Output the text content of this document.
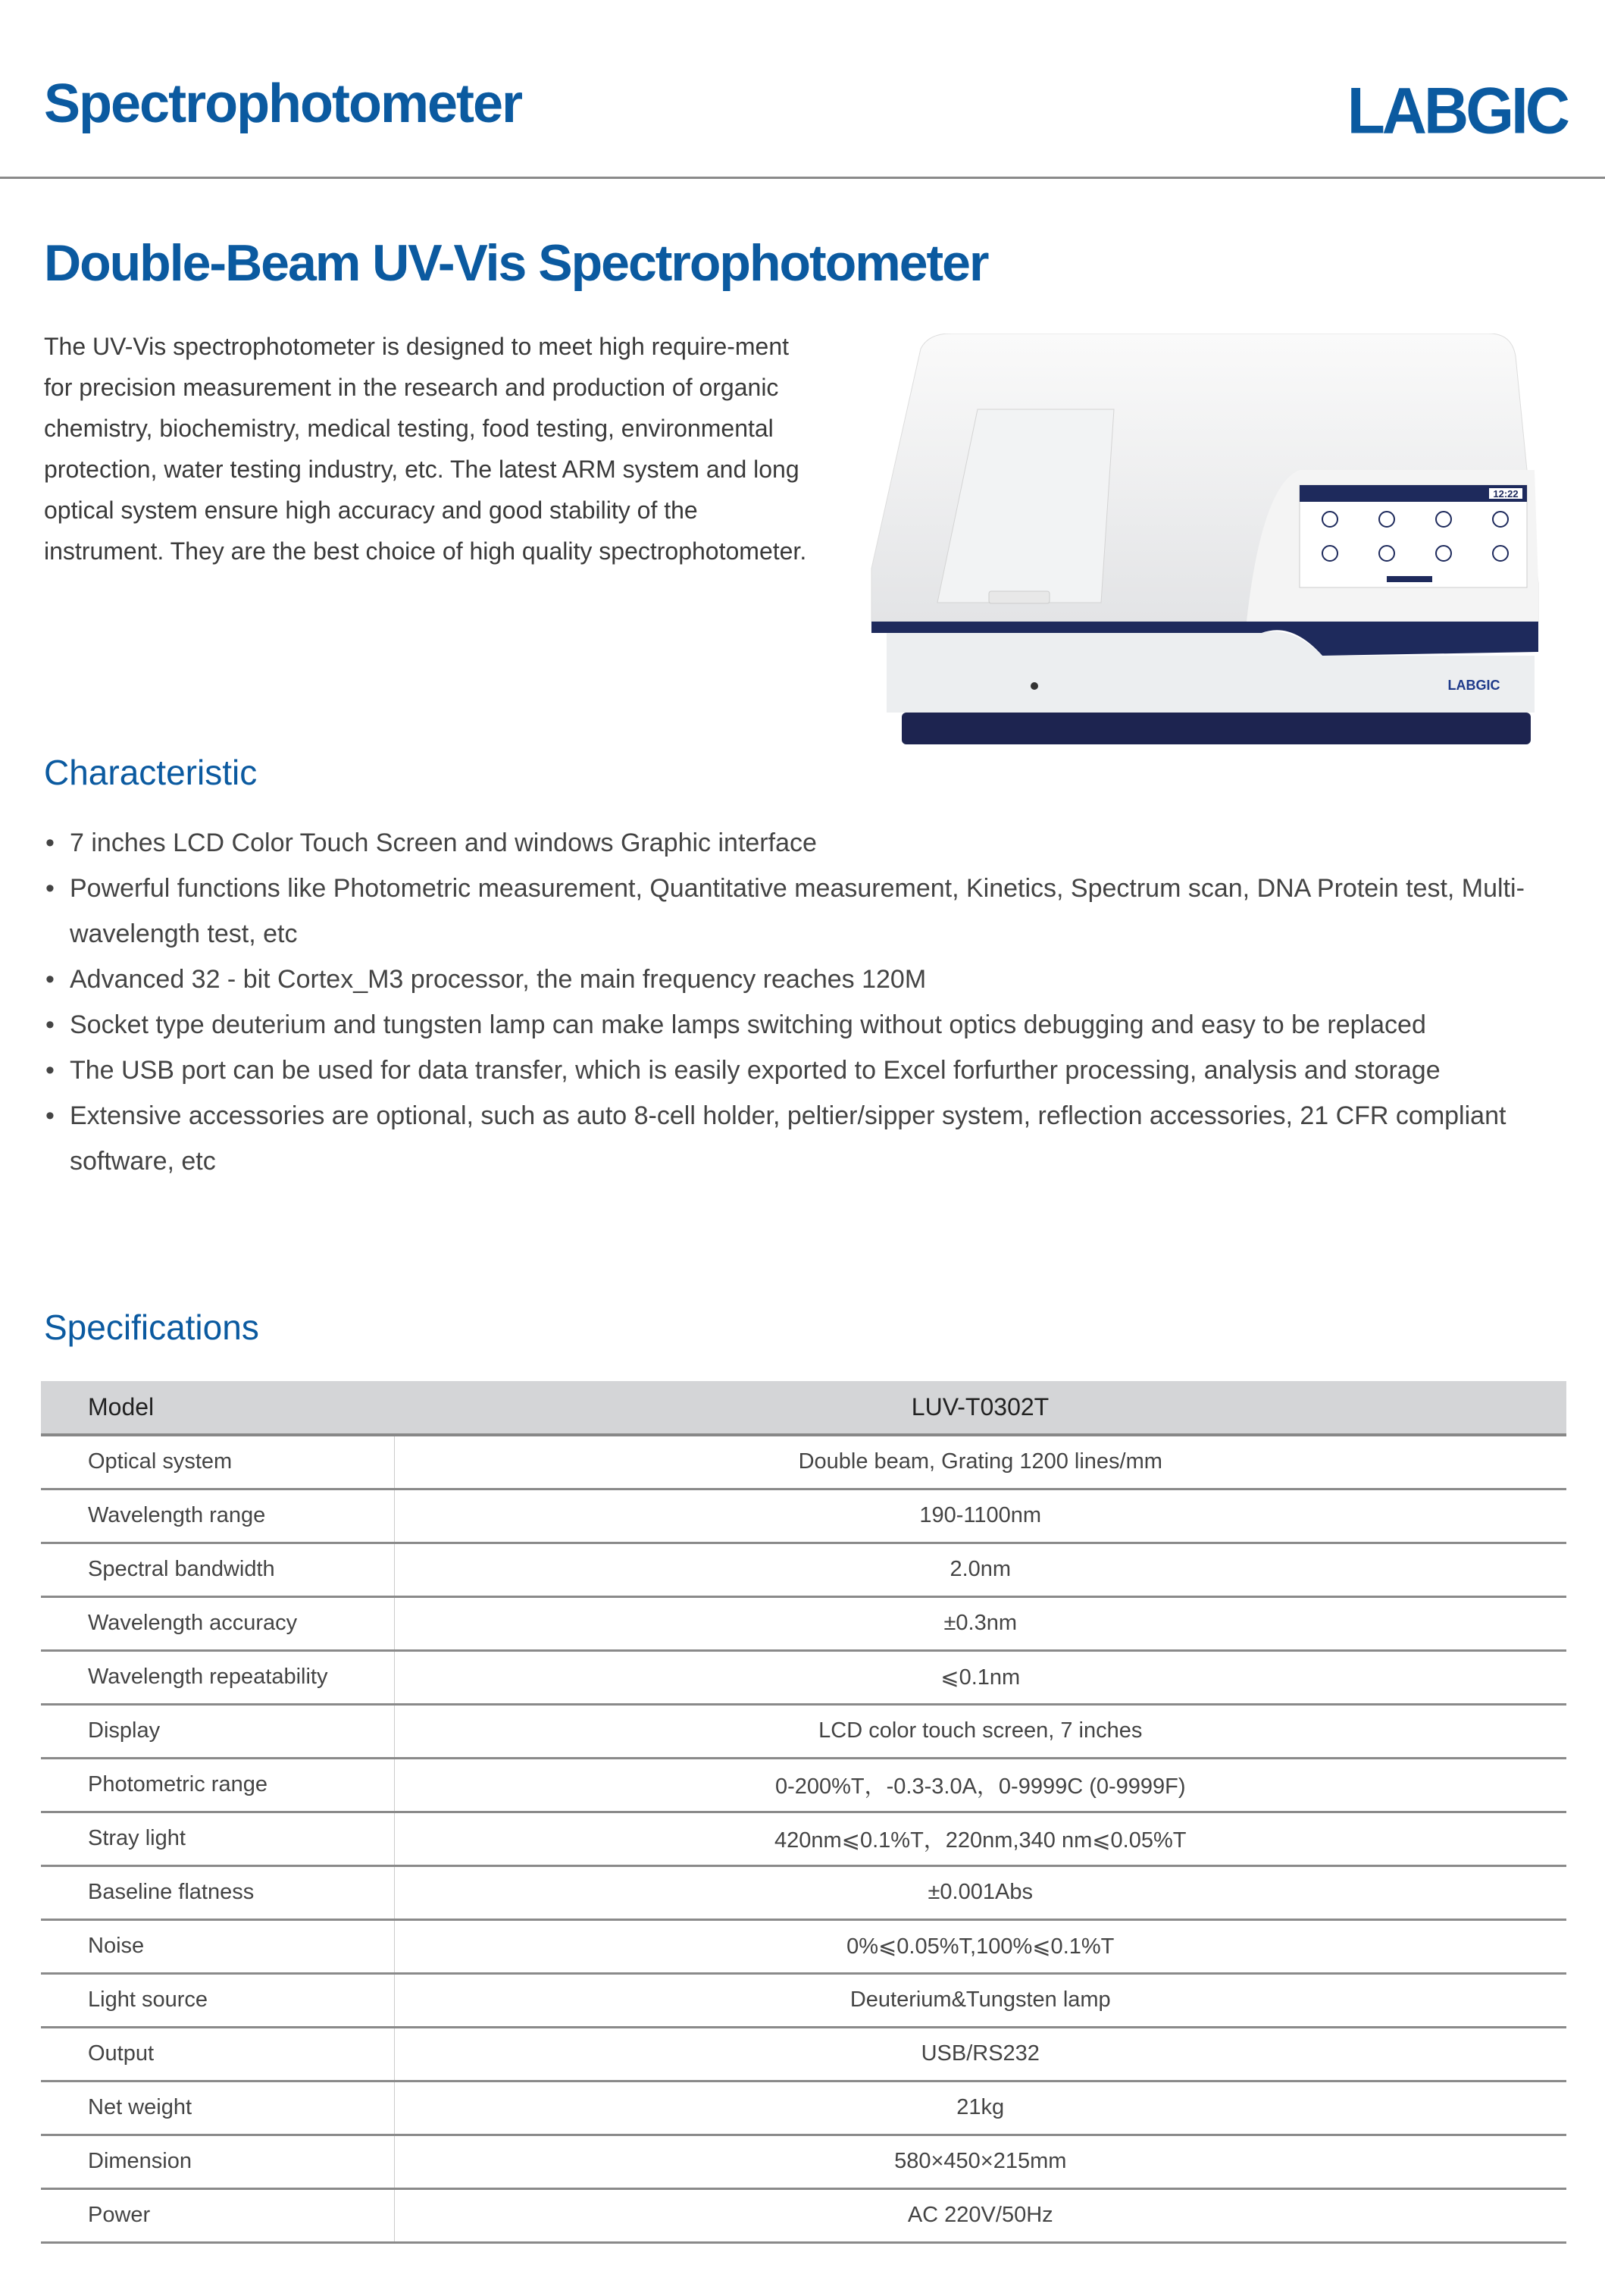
Spectrophotometer	LABGIC
Double-Beam UV-Vis Spectrophotometer

The UV-Vis spectrophotometer is designed to meet high require-ment for precision measurement in the research and production of organic chemistry, biochemistry, medical testing, food testing, environmental protection, water testing industry, etc. The latest ARM system and long optical system ensure high accuracy and good stability of the instrument. They are the best choice of high quality spectrophotometer.

12:22
LABGIC
Characteristic
• 7 inches LCD Color Touch Screen and windows Graphic interface
• Powerful functions like Photometric measurement, Quantitative measurement, Kinetics, Spectrum scan, DNA Protein test, Multi-wavelength test, etc
• Advanced 32 - bit Cortex_M3 processor, the main frequency reaches 120M
• Socket type deuterium and tungsten lamp can make lamps switching without optics debugging and easy to be replaced
• The USB port can be used for data transfer, which is easily exported to Excel forfurther processing, analysis and storage
• Extensive accessories are optional, such as auto 8-cell holder, peltier/sipper system, reflection accessories, 21 CFR compliant software, etc
Specifications
Model	LUV-T0302T
Optical system	Double beam, Grating 1200 lines/mm
Wavelength range	190-1100nm
Spectral bandwidth	2.0nm
Wavelength accuracy	±0.3nm
Wavelength repeatability	⩽0.1nm
Display	LCD color touch screen, 7 inches
Photometric range	0-200%T，-0.3-3.0A，0-9999C (0-9999F)
Stray light	420nm⩽0.1%T，220nm,340 nm⩽0.05%T
Baseline flatness	±0.001Abs
Noise	0%⩽0.05%T,100%⩽0.1%T
Light source	Deuterium&Tungsten lamp
Output	USB/RS232
Net weight	21kg
Dimension	580×450×215mm
Power	AC 220V/50Hz
